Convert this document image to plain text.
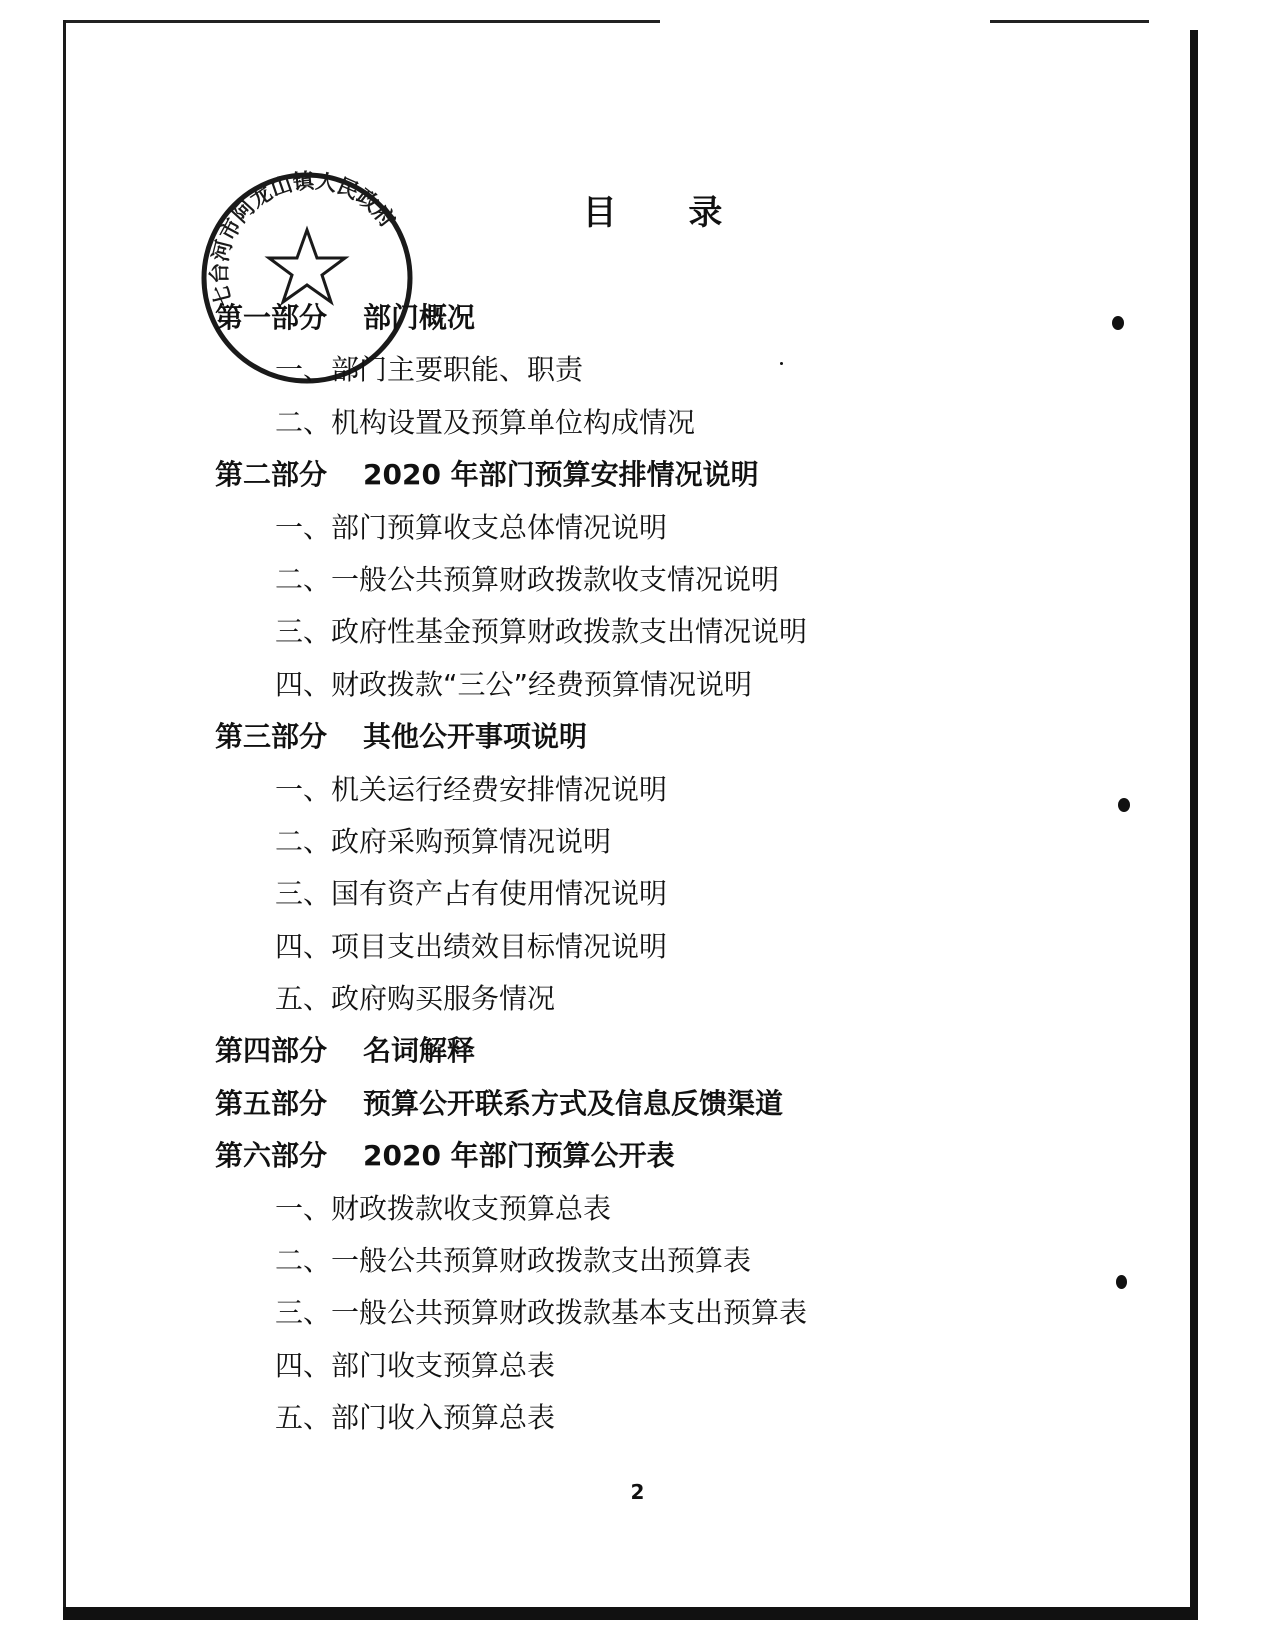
七台河市阿龙山镇人民政府	目 录
第一部分 部门概况
一、部门主要职能、职责
二、机构设置及预算单位构成情况
第二部分 2020 年部门预算安排情况说明
一、部门预算收支总体情况说明
二、一般公共预算财政拨款收支情况说明
三、政府性基金预算财政拨款支出情况说明
四、财政拨款“三公”经费预算情况说明
第三部分 其他公开事项说明
一、机关运行经费安排情况说明
二、政府采购预算情况说明
三、国有资产占有使用情况说明
四、项目支出绩效目标情况说明
五、政府购买服务情况
第四部分 名词解释
第五部分 预算公开联系方式及信息反馈渠道
第六部分 2020 年部门预算公开表
一、财政拨款收支预算总表
二、一般公共预算财政拨款支出预算表
三、一般公共预算财政拨款基本支出预算表
四、部门收支预算总表
五、部门收入预算总表
2
